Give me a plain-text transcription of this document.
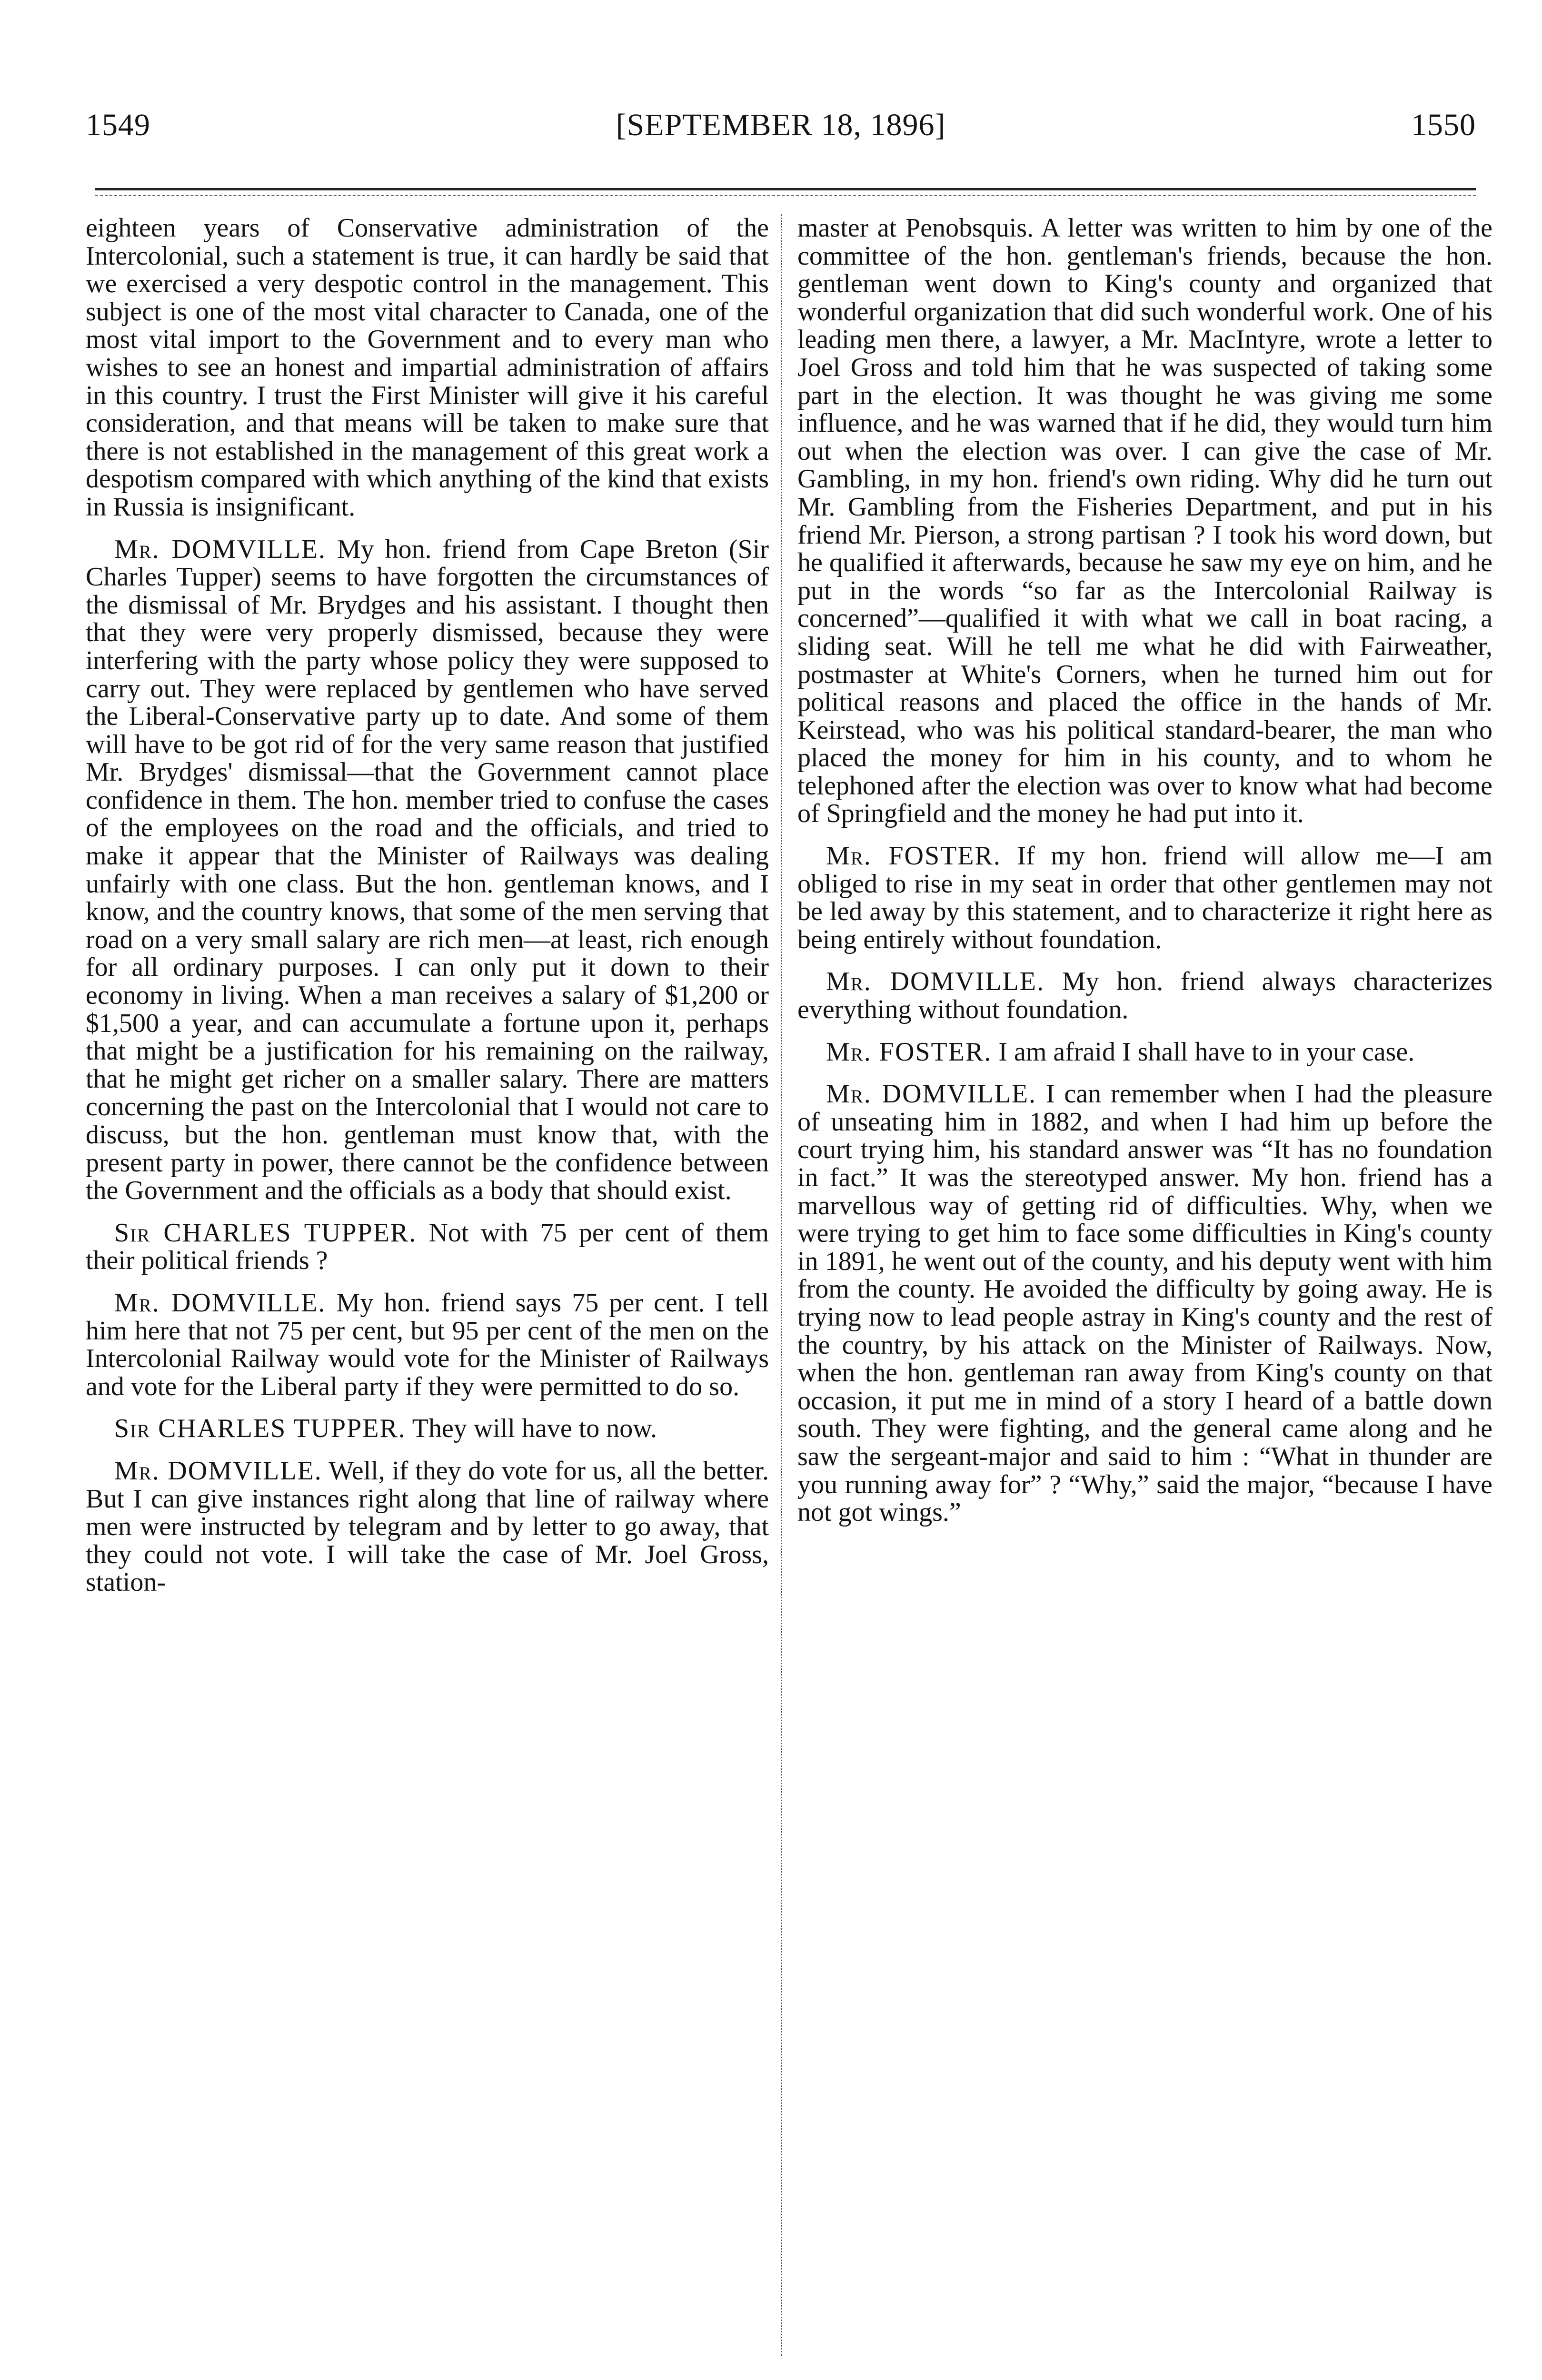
1549	[SEPTEMBER 18, 1896]	1550

eighteen years of Conservative administration of the Intercolonial, such a statement is true, it can hardly be said that we exercised a very despotic control in the management. This subject is one of the most vital character to Canada, one of the most vital import to the Government and to every man who wishes to see an honest and impartial administration of affairs in this country. I trust the First Minister will give it his careful consideration, and that means will be taken to make sure that there is not established in the management of this great work a despotism compared with which anything of the kind that exists in Russia is insignificant.

Mr. DOMVILLE. My hon. friend from Cape Breton (Sir Charles Tupper) seems to have forgotten the circumstances of the dismissal of Mr. Brydges and his assistant. I thought then that they were very properly dismissed, because they were interfering with the party whose policy they were supposed to carry out. They were replaced by gentlemen who have served the Liberal-Conservative party up to date. And some of them will have to be got rid of for the very same reason that justified Mr. Brydges' dismissal—that the Government cannot place confidence in them. The hon. member tried to confuse the cases of the employees on the road and the officials, and tried to make it appear that the Minister of Railways was dealing unfairly with one class. But the hon. gentleman knows, and I know, and the country knows, that some of the men serving that road on a very small salary are rich men—at least, rich enough for all ordinary purposes. I can only put it down to their economy in living. When a man receives a salary of $1,200 or $1,500 a year, and can accumulate a fortune upon it, perhaps that might be a justification for his remaining on the railway, that he might get richer on a smaller salary. There are matters concerning the past on the Intercolonial that I would not care to discuss, but the hon. gentleman must know that, with the present party in power, there cannot be the confidence between the Government and the officials as a body that should exist.

Sir CHARLES TUPPER. Not with 75 per cent of them their political friends ?

Mr. DOMVILLE. My hon. friend says 75 per cent. I tell him here that not 75 per cent, but 95 per cent of the men on the Intercolonial Railway would vote for the Minister of Railways and vote for the Liberal party if they were permitted to do so.

Sir CHARLES TUPPER. They will have to now.

Mr. DOMVILLE. Well, if they do vote for us, all the better. But I can give instances right along that line of railway where men were instructed by telegram and by letter to go away, that they could not vote. I will take the case of Mr. Joel Gross, station-

master at Penobsquis. A letter was written to him by one of the committee of the hon. gentleman's friends, because the hon. gentleman went down to King's county and organized that wonderful organization that did such wonderful work. One of his leading men there, a lawyer, a Mr. MacIntyre, wrote a letter to Joel Gross and told him that he was suspected of taking some part in the election. It was thought he was giving me some influence, and he was warned that if he did, they would turn him out when the election was over. I can give the case of Mr. Gambling, in my hon. friend's own riding. Why did he turn out Mr. Gambling from the Fisheries Department, and put in his friend Mr. Pierson, a strong partisan ? I took his word down, but he qualified it afterwards, because he saw my eye on him, and he put in the words “so far as the Intercolonial Railway is concerned”—qualified it with what we call in boat racing, a sliding seat. Will he tell me what he did with Fairweather, postmaster at White's Corners, when he turned him out for political reasons and placed the office in the hands of Mr. Keirstead, who was his political standard-bearer, the man who placed the money for him in his county, and to whom he telephoned after the election was over to know what had become of Springfield and the money he had put into it.

Mr. FOSTER. If my hon. friend will allow me—I am obliged to rise in my seat in order that other gentlemen may not be led away by this statement, and to characterize it right here as being entirely without foundation.

Mr. DOMVILLE. My hon. friend always characterizes everything without foundation.

Mr. FOSTER. I am afraid I shall have to in your case.

Mr. DOMVILLE. I can remember when I had the pleasure of unseating him in 1882, and when I had him up before the court trying him, his standard answer was “It has no foundation in fact.” It was the stereotyped answer. My hon. friend has a marvellous way of getting rid of difficulties. Why, when we were trying to get him to face some difficulties in King's county in 1891, he went out of the county, and his deputy went with him from the county. He avoided the difficulty by going away. He is trying now to lead people astray in King's county and the rest of the country, by his attack on the Minister of Railways. Now, when the hon. gentleman ran away from King's county on that occasion, it put me in mind of a story I heard of a battle down south. They were fighting, and the general came along and he saw the sergeant-major and said to him : “What in thunder are you running away for” ? “Why,” said the major, “because I have not got wings.”
